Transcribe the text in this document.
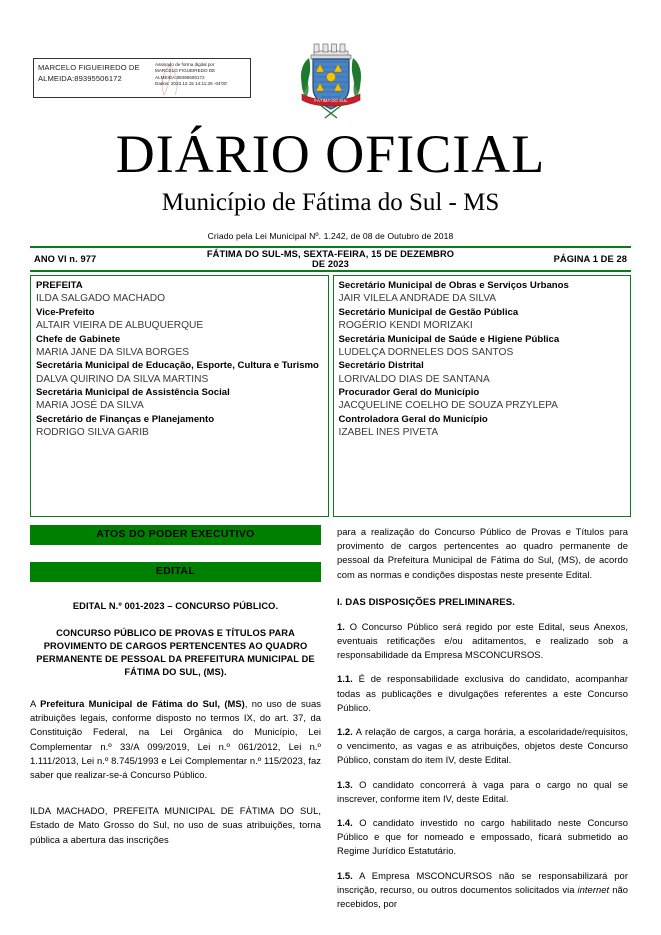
MARCELO FIGUEIREDO DE ALMEIDA:89395506172
Assinado de forma digital por
MARCELO FIGUEIREDO DE
ALMEIDA:89395506172
Dados: 2023.12.15 14:11:36 -04'00'
FÁTIMA DO SUL
DIÁRIO OFICIAL
Município de Fátima do Sul - MS
Criado pela Lei Municipal Nº. 1.242, de 08 de Outubro de 2018
ANO VI n. 977	FÁTIMA DO SUL-MS, SEXTA-FEIRA, 15 DE DEZEMBRO DE 2023	PÁGINA 1 DE 28
PREFEITA
ILDA SALGADO MACHADO
Vice-Prefeito
ALTAIR VIEIRA DE ALBUQUERQUE
Chefe de Gabinete
MARIA JANE DA SILVA BORGES
Secretária Municipal de Educação, Esporte, Cultura e Turismo
DALVA QUIRINO DA SILVA MARTINS
Secretária Municipal de Assistência Social
MARIA JOSÉ DA SILVA
Secretário de Finanças e Planejamento
RODRIGO SILVA GARIB
Secretário Municipal de Obras e Serviços Urbanos
JAIR VILELA ANDRADE DA SILVA
Secretário Municipal de Gestão Pública
ROGÉRIO KENDI MORIZAKI
Secretária Municipal de Saúde e Higiene Pública
LUDELÇA DORNELES DOS SANTOS
Secretário Distrital
LORIVALDO DIAS DE SANTANA
Procurador Geral do Município
JACQUELINE COELHO DE SOUZA PRZYLEPA
Controladora Geral do Município
IZABEL INES PIVETA
ATOS DO PODER EXECUTIVO
EDITAL
EDITAL N.º 001-2023 – CONCURSO PÚBLICO.
CONCURSO PÚBLICO DE PROVAS E TÍTULOS PARA PROVIMENTO DE CARGOS PERTENCENTES AO QUADRO PERMANENTE DE PESSOAL DA PREFEITURA MUNICIPAL DE FÁTIMA DO SUL, (MS).

A Prefeitura Municipal de Fátima do Sul, (MS), no uso de suas atribuições legais, conforme disposto no termos IX, do art. 37, da Constituição Federal, na Lei Orgânica do Município, Lei Complementar n.º 33/A 099/2019, Lei n.º 061/2012, Lei n.º 1.111/2013, Lei n.º 8.745/1993 e Lei Complementar n.º 115/2023, faz saber que realizar-se-á Concurso Público.

ILDA MACHADO, PREFEITA MUNICIPAL DE FÁTIMA DO SUL, Estado de Mato Grosso do Sul, no uso de suas atribuições, torna pública a abertura das inscrições

para a realização do Concurso Público de Provas e Títulos para provimento de cargos pertencentes ao quadro permanente de pessoal da Prefeitura Municipal de Fátima do Sul, (MS), de acordo com as normas e condições dispostas neste presente Edital.

I. DAS DISPOSIÇÕES PRELIMINARES.

1. O Concurso Público será regido por este Edital, seus Anexos, eventuais retificações e/ou aditamentos, e realizado sob a responsabilidade da Empresa MSCONCURSOS.

1.1. É de responsabilidade exclusiva do candidato, acompanhar todas as publicações e divulgações referentes a este Concurso Público.

1.2. A relação de cargos, a carga horária, a escolaridade/requisitos, o vencimento, as vagas e as atribuições, objetos deste Concurso Público, constam do item IV, deste Edital.

1.3. O candidato concorrerá à vaga para o cargo no qual se inscrever, conforme item IV, deste Edital.

1.4. O candidato investido no cargo habilitado neste Concurso Público e que for nomeado e empossado, ficará submetido ao Regime Jurídico Estatutário.

1.5. A Empresa MSCONCURSOS não se responsabilizará por inscrição, recurso, ou outros documentos solicitados via internet não recebidos, por
